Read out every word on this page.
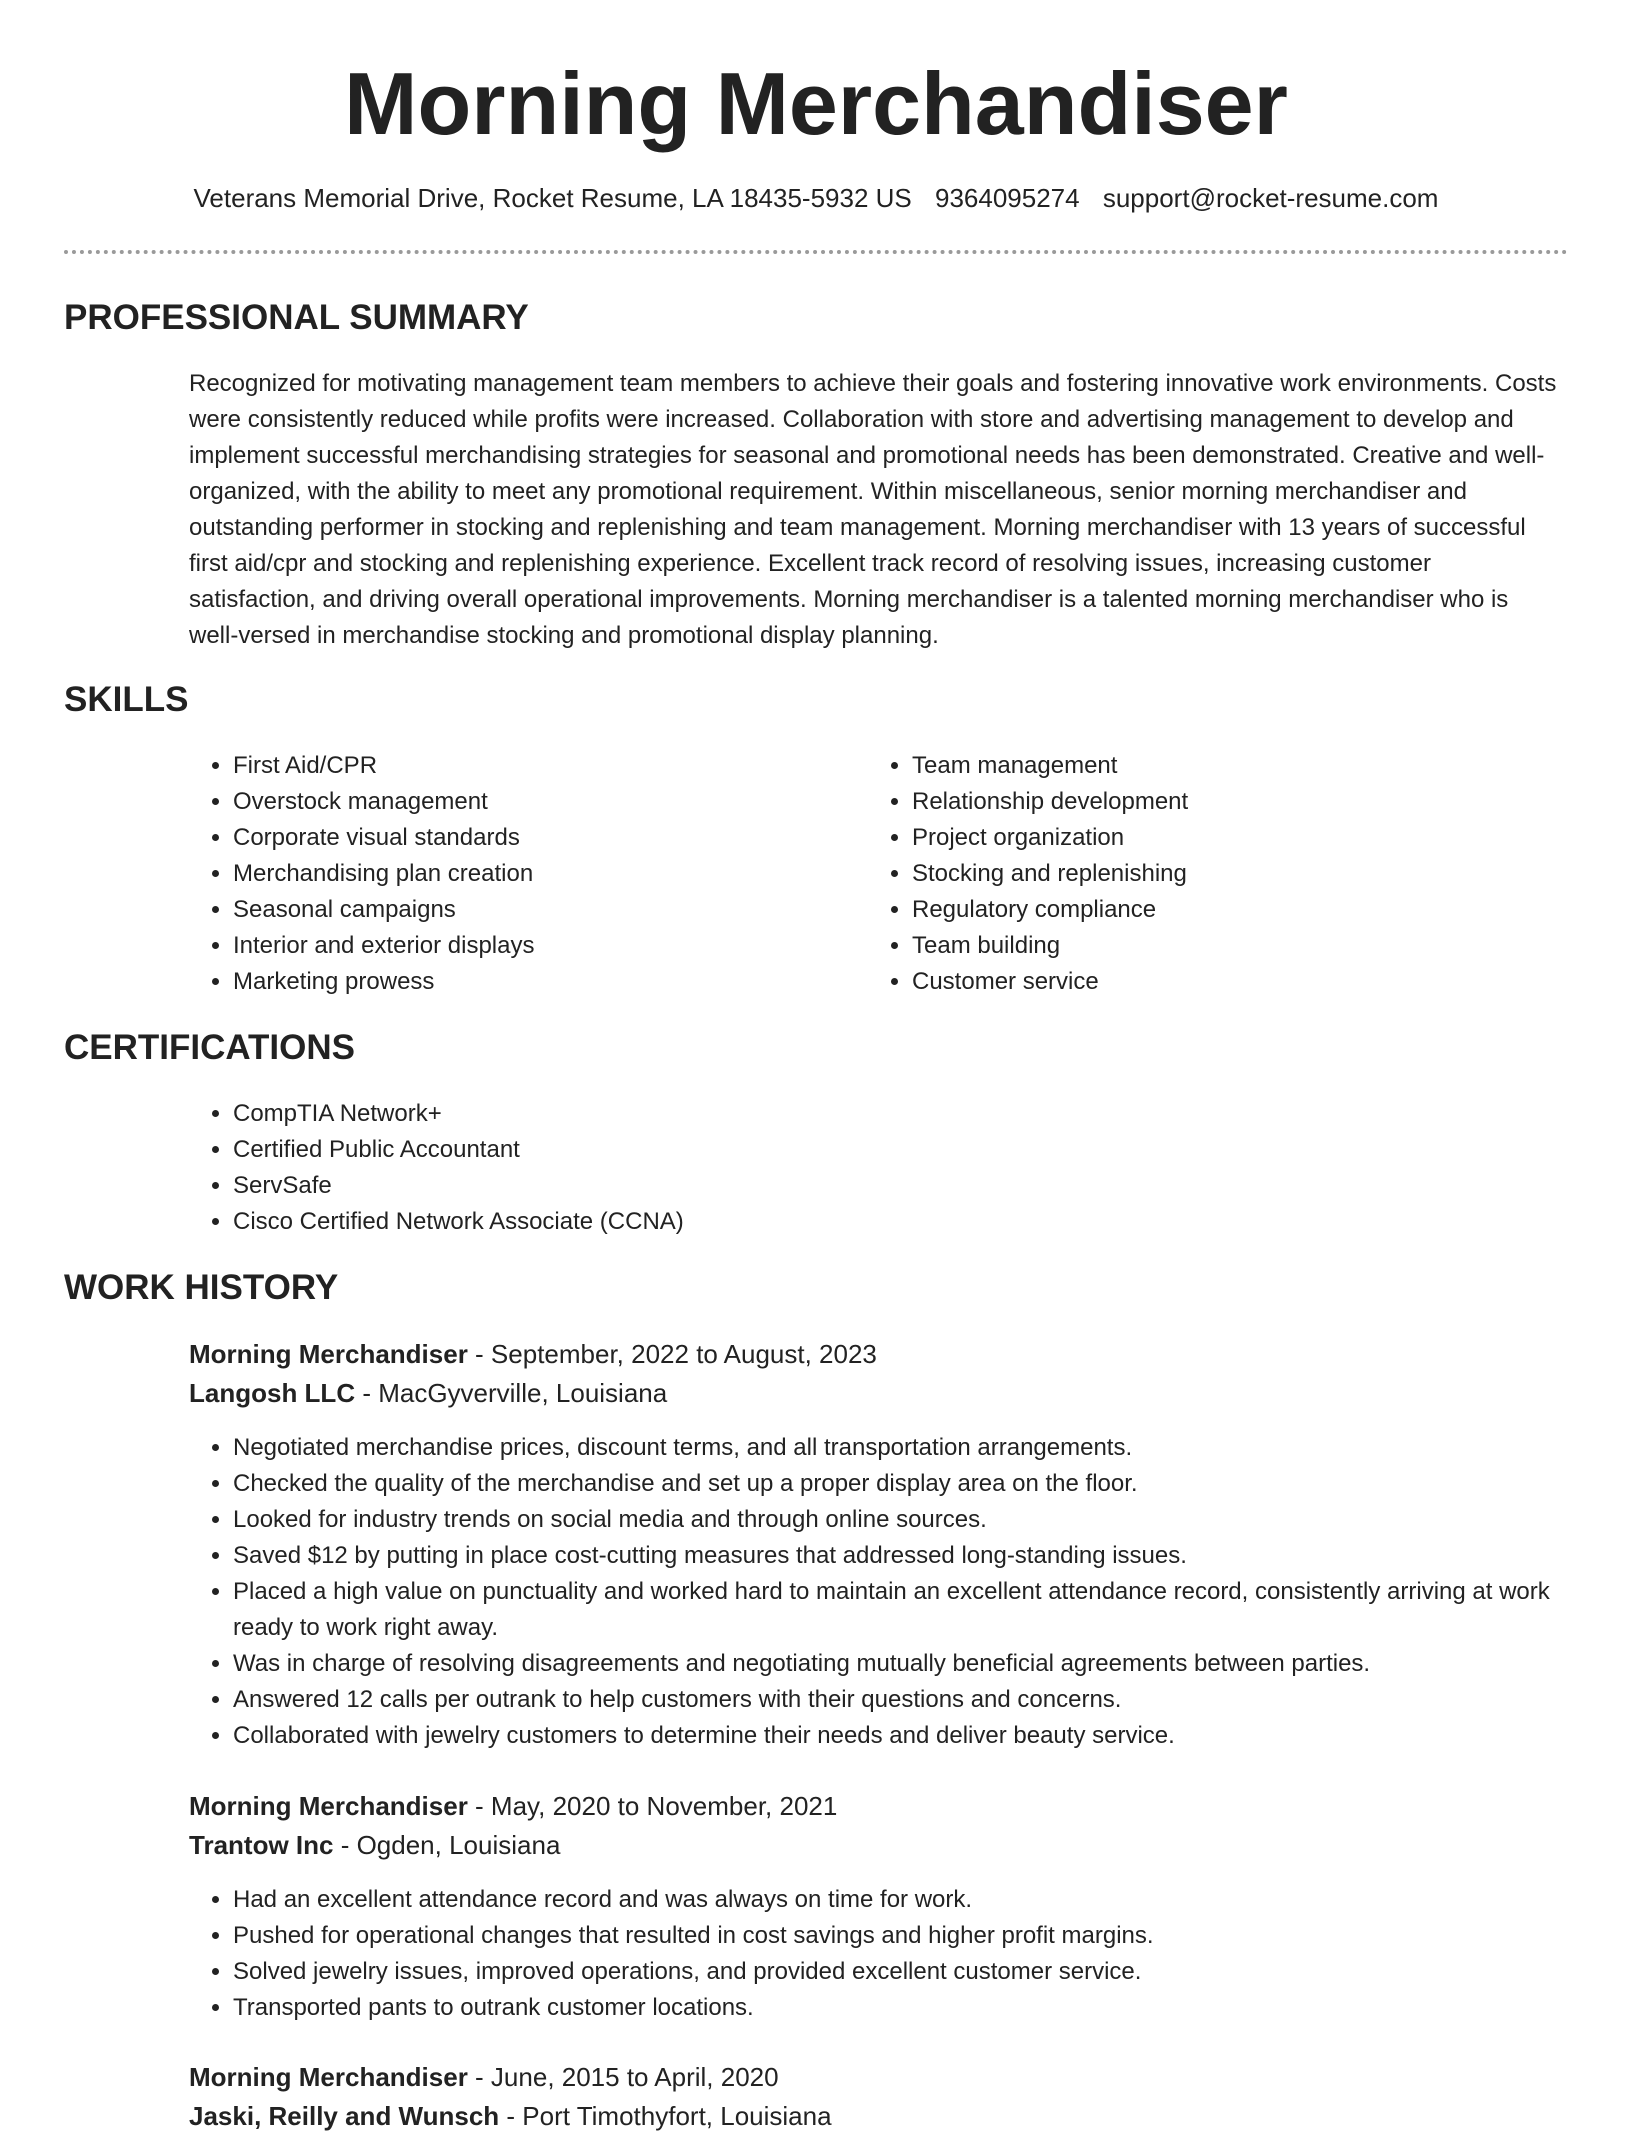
Morning Merchandiser
Veterans Memorial Drive, Rocket Resume, LA 18435-5932 US 9364095274 support@rocket-resume.com
PROFESSIONAL SUMMARY

Recognized for motivating management team members to achieve their goals and fostering innovative work environments. Costs were consistently reduced while profits were increased. Collaboration with store and advertising management to develop and implement successful merchandising strategies for seasonal and promotional needs has been demonstrated. Creative and well-organized, with the ability to meet any promotional requirement. Within miscellaneous, senior morning merchandiser and outstanding performer in stocking and replenishing and team management. Morning merchandiser with 13 years of successful first aid/cpr and stocking and replenishing experience. Excellent track record of resolving issues, increasing customer satisfaction, and driving overall operational improvements. Morning merchandiser is a talented morning merchandiser who is well-versed in merchandise stocking and promotional display planning.

SKILLS
• First Aid/CPR
• Overstock management
• Corporate visual standards
• Merchandising plan creation
• Seasonal campaigns
• Interior and exterior displays
• Marketing prowess
• Team management
• Relationship development
• Project organization
• Stocking and replenishing
• Regulatory compliance
• Team building
• Customer service
CERTIFICATIONS
• CompTIA Network+
• Certified Public Accountant
• ServSafe
• Cisco Certified Network Associate (CCNA)
WORK HISTORY
Morning Merchandiser - September, 2022 to August, 2023
Langosh LLC - MacGyverville, Louisiana
• Negotiated merchandise prices, discount terms, and all transportation arrangements.
• Checked the quality of the merchandise and set up a proper display area on the floor.
• Looked for industry trends on social media and through online sources.
• Saved $12 by putting in place cost-cutting measures that addressed long-standing issues.
• Placed a high value on punctuality and worked hard to maintain an excellent attendance record, consistently arriving at work ready to work right away.
• Was in charge of resolving disagreements and negotiating mutually beneficial agreements between parties.
• Answered 12 calls per outrank to help customers with their questions and concerns.
• Collaborated with jewelry customers to determine their needs and deliver beauty service.
Morning Merchandiser - May, 2020 to November, 2021
Trantow Inc - Ogden, Louisiana
• Had an excellent attendance record and was always on time for work.
• Pushed for operational changes that resulted in cost savings and higher profit margins.
• Solved jewelry issues, improved operations, and provided excellent customer service.
• Transported pants to outrank customer locations.
Morning Merchandiser - June, 2015 to April, 2020
Jaski, Reilly and Wunsch - Port Timothyfort, Louisiana
